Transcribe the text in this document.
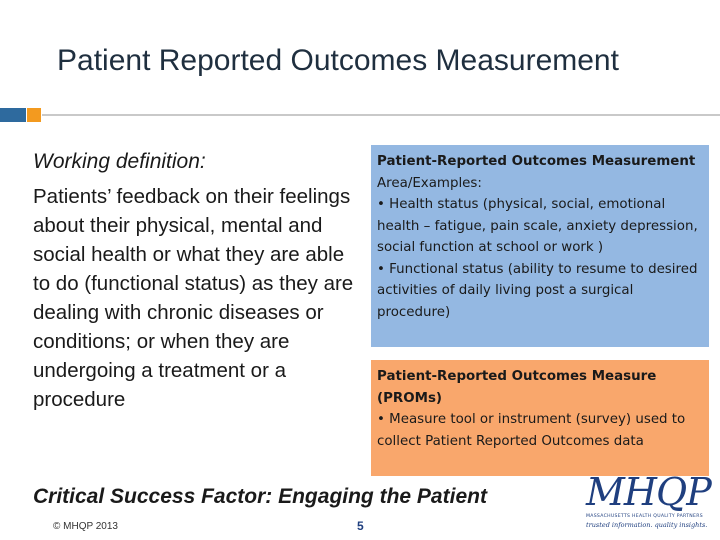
Patient Reported Outcomes Measurement
Working definition:
Patients’ feedback on their feelings about their physical, mental and social health or what they are able to do (functional status) as they are dealing with chronic diseases or conditions; or when they are undergoing a treatment or a procedure
Patient-Reported Outcomes Measurement
Area/Examples:
• Health status (physical, social, emotional health – fatigue, pain scale, anxiety depression, social function at school or work )
• Functional status (ability to resume to desired activities of daily living post a surgical procedure)
Patient-Reported Outcomes Measure (PROMs)
• Measure tool or instrument (survey) used to collect Patient Reported Outcomes data
Critical Success Factor: Engaging the Patient
© MHQP 2013	5
MHQP
MASSACHUSETTS HEALTH QUALITY PARTNERS
trusted information. quality insights.
